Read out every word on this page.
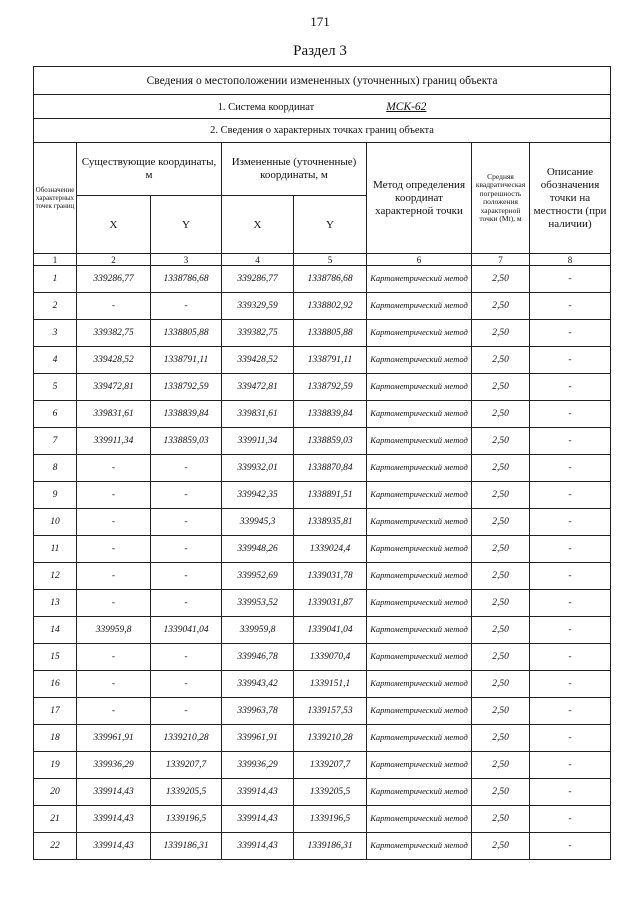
171
Раздел 3
Сведения о местоположении измененных (уточненных) границ объекта							
1. Система координат МСК-62							
2. Сведения о характерных точках границ объекта							
Обозначение характерных точек границ	Существующие координаты, м		Измененные (уточненные) координаты, м		Метод определения координат характерной точки	Средняя квадратическая погрешность положения характерной точки (Mt), м	Описание обозначения точки на местности (при наличии)
	X	Y	X	Y			
1	2	3	4	5	6	7	8
1	339286,77	1338786,68	339286,77	1338786,68	Картометрический метод	2,50	-
2	-	-	339329,59	1338802,92	Картометрический метод	2,50	-
3	339382,75	1338805,88	339382,75	1338805,88	Картометрический метод	2,50	-
4	339428,52	1338791,11	339428,52	1338791,11	Картометрический метод	2,50	-
5	339472,81	1338792,59	339472,81	1338792,59	Картометрический метод	2,50	-
6	339831,61	1338839,84	339831,61	1338839,84	Картометрический метод	2,50	-
7	339911,34	1338859,03	339911,34	1338859,03	Картометрический метод	2,50	-
8	-	-	339932,01	1338870,84	Картометрический метод	2,50	-
9	-	-	339942,35	1338891,51	Картометрический метод	2,50	-
10	-	-	339945,3	1338935,81	Картометрический метод	2,50	-
11	-	-	339948,26	1339024,4	Картометрический метод	2,50	-
12	-	-	339952,69	1339031,78	Картометрический метод	2,50	-
13	-	-	339953,52	1339031,87	Картометрический метод	2,50	-
14	339959,8	1339041,04	339959,8	1339041,04	Картометрический метод	2,50	-
15	-	-	339946,78	1339070,4	Картометрический метод	2,50	-
16	-	-	339943,42	1339151,1	Картометрический метод	2,50	-
17	-	-	339963,78	1339157,53	Картометрический метод	2,50	-
18	339961,91	1339210,28	339961,91	1339210,28	Картометрический метод	2,50	-
19	339936,29	1339207,7	339936,29	1339207,7	Картометрический метод	2,50	-
20	339914,43	1339205,5	339914,43	1339205,5	Картометрический метод	2,50	-
21	339914,43	1339196,5	339914,43	1339196,5	Картометрический метод	2,50	-
22	339914,43	1339186,31	339914,43	1339186,31	Картометрический метод	2,50	-
